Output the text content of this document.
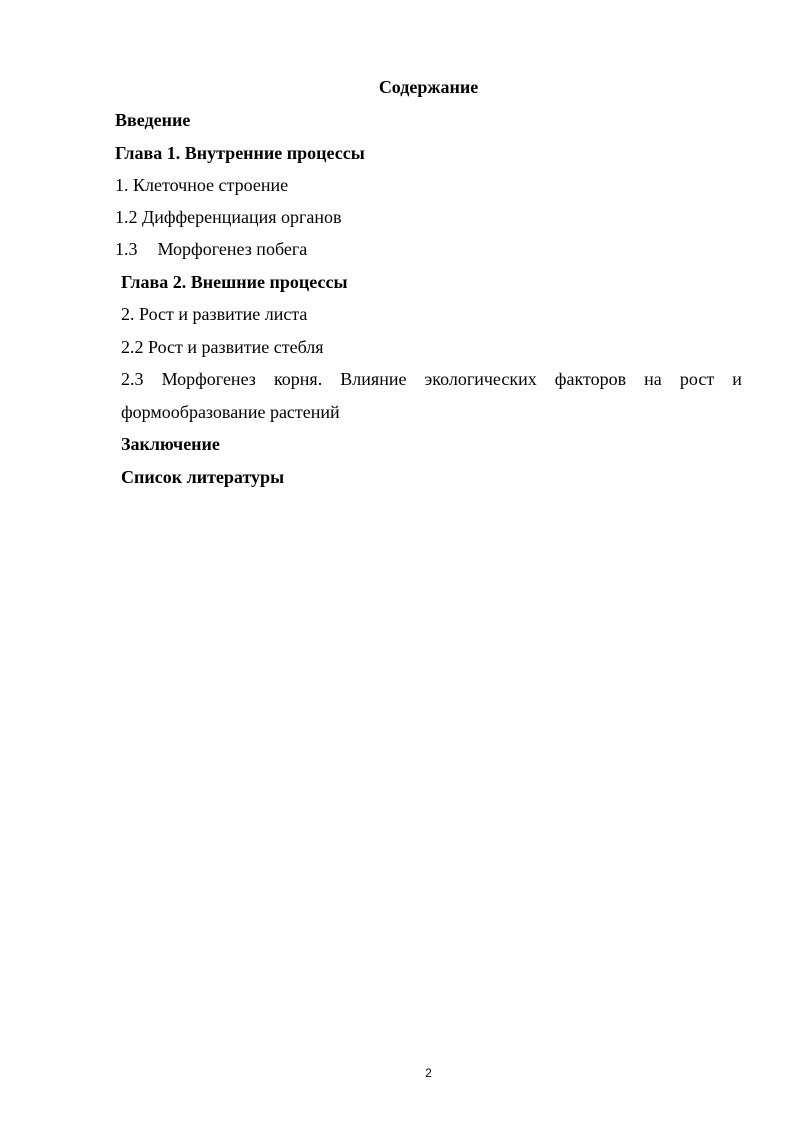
Содержание
Введение
Глава 1. Внутренние процессы
1. Клеточное строение
1.2 Дифференциация органов
1.3 Морфогенез побега
Глава 2. Внешние процессы
2. Рост и развитие листа
2.2 Рост и развитие стебля
2.3 Морфогенез корня. Влияние экологических факторов на рост и
формообразование растений
Заключение
Список литературы
2
